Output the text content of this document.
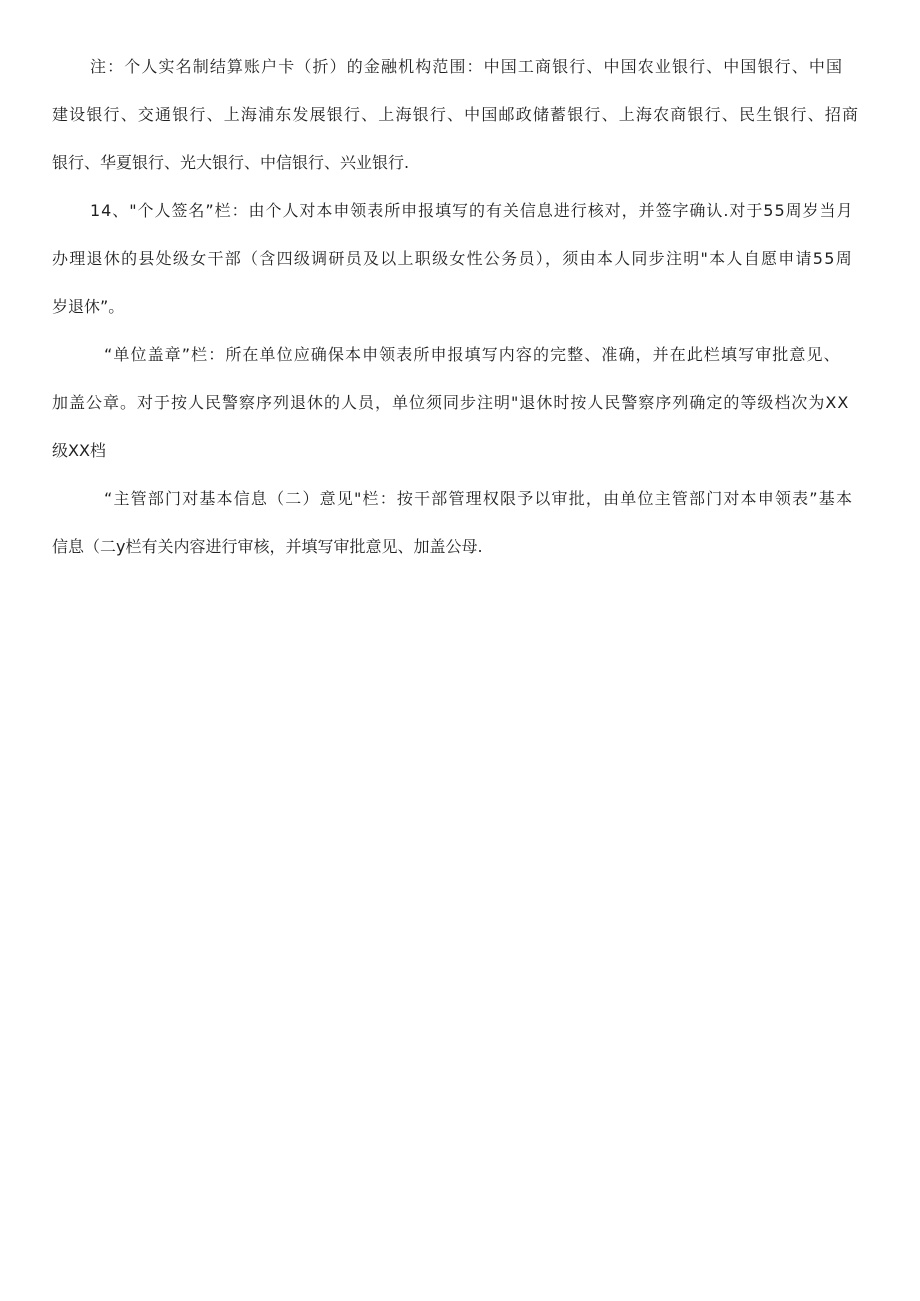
注：个人实名制结算账户卡（折）的金融机构范围：中国工商银行、中国农业银行、中国银行、中国
建设银行、交通银行、上海浦东发展银行、上海银行、中国邮政储蓄银行、上海农商银行、民生银行、招商
银行、华夏银行、光大银行、中信银行、兴业银行.
14、"个人签名”栏：由个人对本申领表所申报填写的有关信息进行核对，并签字确认.对于55周岁当月
办理退休的县处级女干部（含四级调研员及以上职级女性公务员），须由本人同步注明"本人自愿申请55周
岁退休”。
“单位盖章”栏：所在单位应确保本申领表所申报填写内容的完整、准确，并在此栏填写审批意见、
加盖公章。对于按人民警察序列退休的人员，单位须同步注明"退休时按人民警察序列确定的等级档次为XX
级XX档
“主管部门对基本信息（二）意见"栏：按干部管理权限予以审批，由单位主管部门对本申领表”基本
信息（二y栏有关内容进行审核，并填写审批意见、加盖公母.
